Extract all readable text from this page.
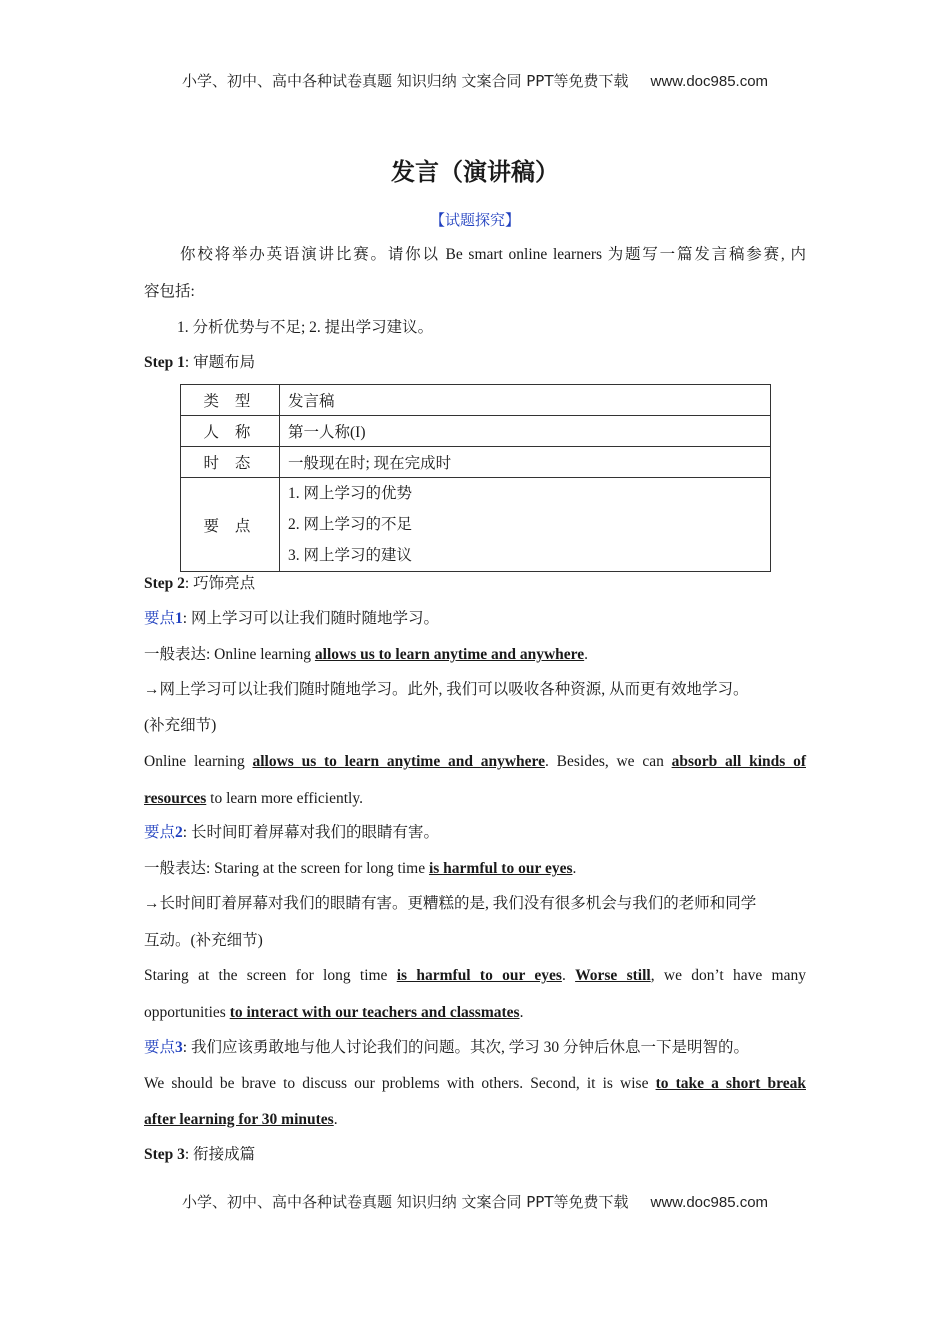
小学、初中、高中各种试卷真题 知识归纳 文案合同 PPT等免费下载 www.doc985.com
发言（演讲稿）
【试题探究】
你校将举办英语演讲比赛。请你以 Be smart online learners 为题写一篇发言稿参赛, 内
容包括:
1. 分析优势与不足; 2. 提出学习建议。
Step 1: 审题布局
类 型	发言稿
人 称	第一人称(I)
时 态	一般现在时; 现在完成时
要 点	1. 网上学习的优势
2. 网上学习的不足
3. 网上学习的建议
Step 2: 巧饰亮点
要点1: 网上学习可以让我们随时随地学习。
一般表达: Online learning allows us to learn anytime and anywhere.
→网上学习可以让我们随时随地学习。此外, 我们可以吸收各种资源, 从而更有效地学习。
(补充细节)
Online learning allows us to learn anytime and anywhere. Besides, we can absorb all kinds of
resources to learn more efficiently.
要点2: 长时间盯着屏幕对我们的眼睛有害。
一般表达: Staring at the screen for long time is harmful to our eyes.
→长时间盯着屏幕对我们的眼睛有害。更糟糕的是, 我们没有很多机会与我们的老师和同学
互动。(补充细节)
Staring at the screen for long time is harmful to our eyes. Worse still, we don’t have many
opportunities to interact with our teachers and classmates.
要点3: 我们应该勇敢地与他人讨论我们的问题。其次, 学习 30 分钟后休息一下是明智的。
We should be brave to discuss our problems with others. Second, it is wise to take a short break
after learning for 30 minutes.
Step 3: 衔接成篇
小学、初中、高中各种试卷真题 知识归纳 文案合同 PPT等免费下载 www.doc985.com
